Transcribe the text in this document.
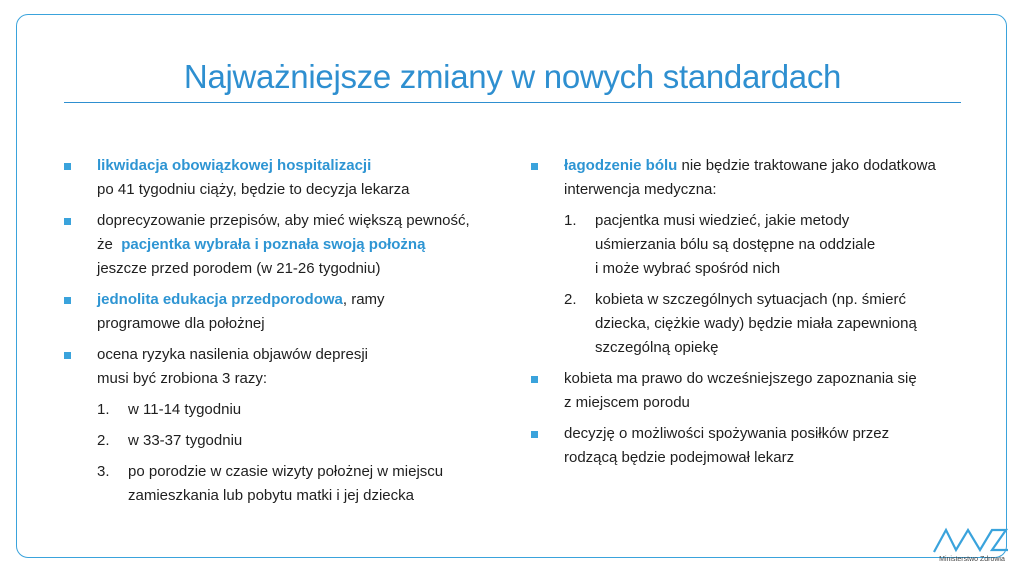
Najważniejsze zmiany w nowych standardach
likwidacja obowiązkowej hospitalizacji
po 41 tygodniu ciąży, będzie to decyzja lekarza
doprecyzowanie przepisów, aby mieć większą pewność,
że  pacjentka wybrała i poznała swoją położną
jeszcze przed porodem (w 21-26 tygodniu)
jednolita edukacja przedporodowa, ramy
programowe dla położnej
ocena ryzyka nasilenia objawów depresji
musi być zrobiona 3 razy:
1. w 11-14 tygodniu
2. w 33-37 tygodniu
3. po porodzie w czasie wizyty położnej w miejscu
zamieszkania lub pobytu matki i jej dziecka
łagodzenie bólu nie będzie traktowane jako dodatkowa
interwencja medyczna:
1. pacjentka musi wiedzieć, jakie metody
uśmierzania bólu są dostępne na oddziale
i może wybrać spośród nich
2. kobieta w szczególnych sytuacjach (np. śmierć
dziecka, ciężkie wady) będzie miała zapewnioną
szczególną opiekę
kobieta ma prawo do wcześniejszego zapoznania się
z miejscem porodu
decyzję o możliwości spożywania posiłków przez
rodzącą będzie podejmował lekarz
Ministerstwo Zdrowia
